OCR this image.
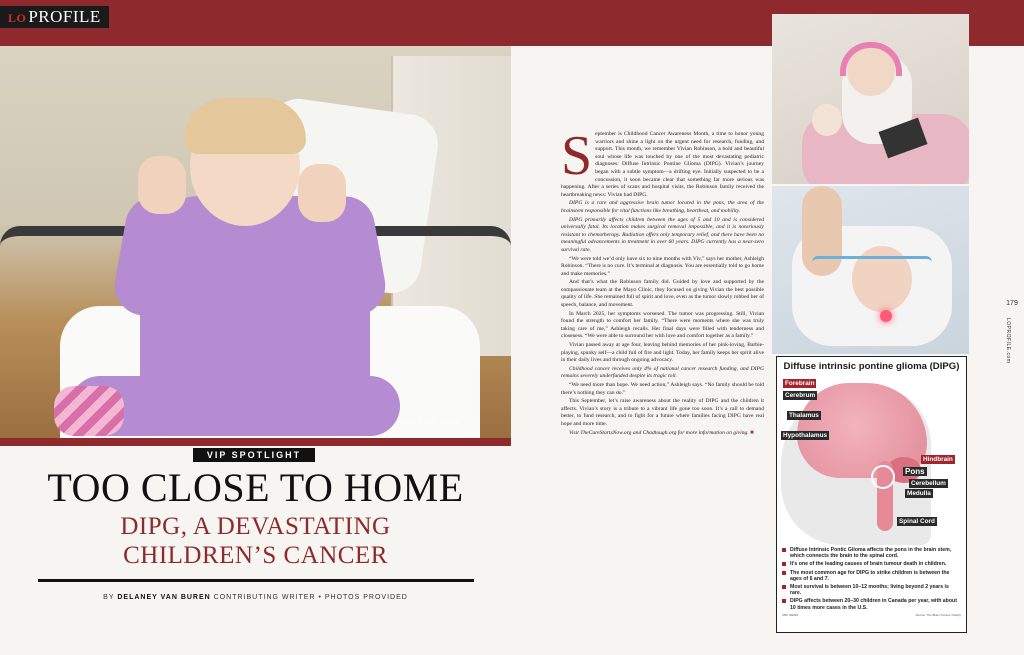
LO PROFILE
VIVIAN ROBINSON
VIP SPOTLIGHT
TOO CLOSE TO HOME
DIPG, A DEVASTATING
CHILDREN’S CANCER
BY DELANEY VAN BUREN CONTRIBUTING WRITER • PHOTOS PROVIDED

September is Childhood Cancer Awareness Month, a time to honor young warriors and shine a light on the urgent need for research, funding, and support. This month, we remember Vivian Robinson, a bold and beautiful soul whose life was touched by one of the most devastating pediatric diagnoses: Diffuse Intrinsic Pontine Glioma (DIPG). Vivian’s journey began with a subtle symptom—a drifting eye. Initially suspected to be a concussion, it soon became clear that something far more serious was happening. After a series of scans and hospital visits, the Robinson family received the heartbreaking news: Vivian had DIPG.

DIPG is a rare and aggressive brain tumor located in the pons, the area of the brainstem responsible for vital functions like breathing, heartbeat, and mobility.

DIPG primarily affects children between the ages of 5 and 10 and is considered universally fatal. Its location makes surgical removal impossible, and it is notoriously resistant to chemotherapy. Radiation offers only temporary relief, and there have been no meaningful advancements in treatment in over 60 years. DIPG currently has a near-zero survival rate.

“We were told we’d only have six to nine months with Viv,” says her mother, Ashleigh Robinson. “There is no cure. It’s terminal at diagnosis. You are essentially told to go home and make memories.”

And that’s what the Robinson family did. Guided by love and supported by the compassionate team at the Mayo Clinic, they focused on giving Vivian the best possible quality of life. She remained full of spirit and love, even as the tumor slowly robbed her of speech, balance, and movement.

In March 2025, her symptoms worsened. The tumor was progressing. Still, Vivian found the strength to comfort her family. “There were moments where she was truly taking care of me,” Ashleigh recalls. Her final days were filled with tenderness and closeness. “We were able to surround her with love and comfort together as a family.”

Vivian passed away at age four, leaving behind memories of her pink-loving, Barbie-playing, spunky self—a child full of fire and light. Today, her family keeps her spirit alive in their daily lives and through ongoing advocacy.

Childhood cancer receives only 4% of national cancer research funding, and DIPG remains severely underfunded despite its tragic toll.

“We need more than hope. We need action,” Ashleigh says. “No family should be told there’s nothing they can do.”

This September, let’s raise awareness about the reality of DIPG and the children it affects. Vivian’s story is a tribute to a vibrant life gone too soon. It’s a call to demand better, to fund research, and to fight for a future where families facing DIPG have real hope and more time.

Visit TheCureStartsNow.org and Chadtough.org for more information on giving. ■

179
LOPROFILE.com
Diffuse intrinsic pontine glioma (DIPG)
Forebrain
Cerebrum
Thalamus
Hypothalamus
Hindbrain
Pons
Cerebellum
Medulla
Spinal Cord
Diffuse Intrinsic Pontic Glioma affects the pons in the brain stem, which connects the brain to the spinal cord.
It's one of the leading causes of brain tumour death in children.
The most common age for DIPG to strike children is between the ages of 6 and 7.
Most survival is between 10–12 months; living beyond 2 years is rare.
DIPG affects between 20–30 children in Canada per year, with about 10 times more cases in the U.S.
CBC NEWS	Source: The Brain Tumour Charity
